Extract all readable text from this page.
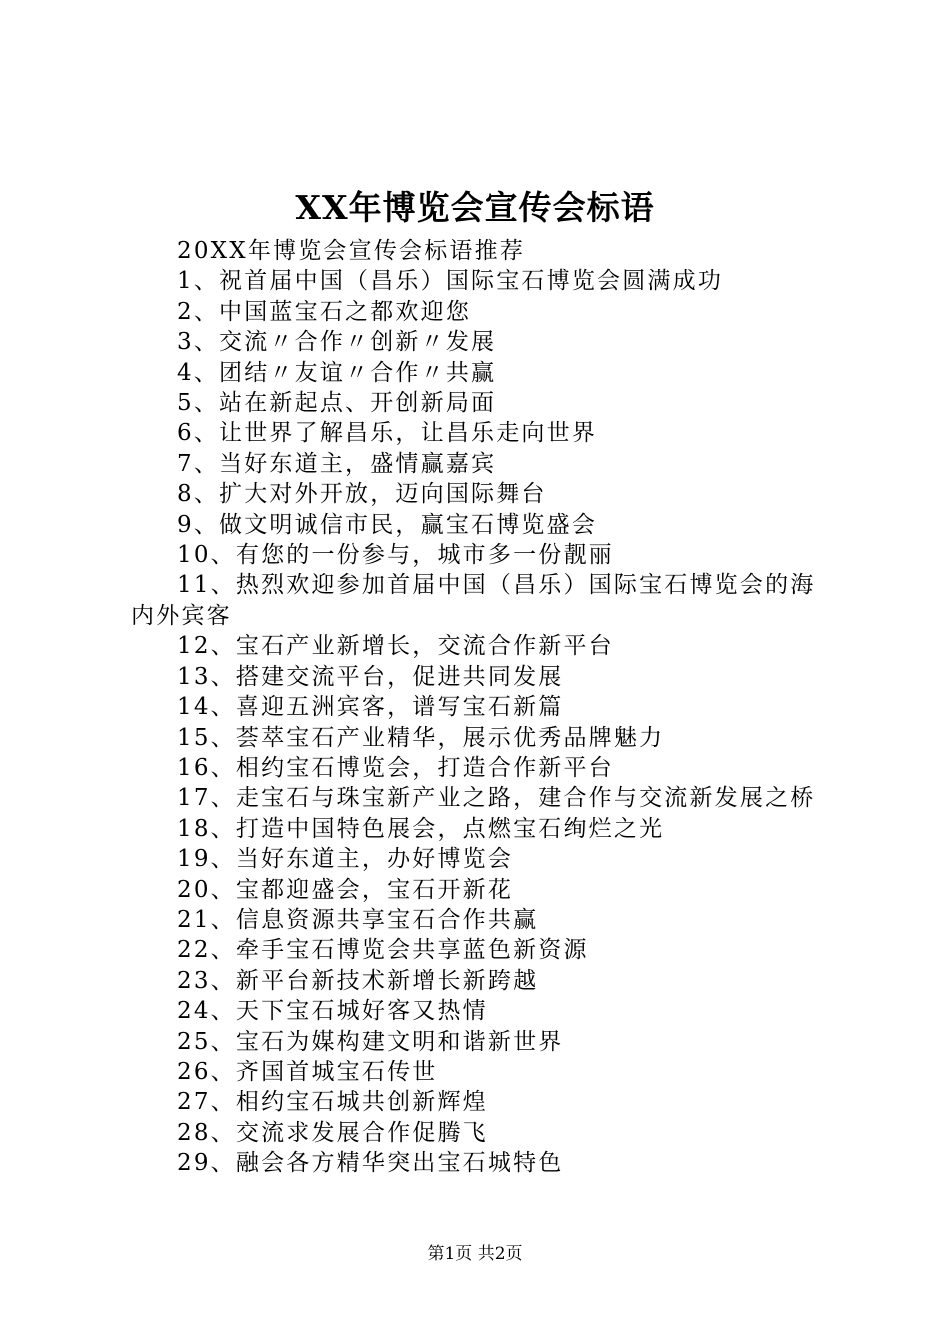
XX年博览会宣传会标语
20XX年博览会宣传会标语推荐
1、祝首届中国（昌乐）国际宝石博览会圆满成功
2、中国蓝宝石之都欢迎您
3、交流〃合作〃创新〃发展
4、团结〃友谊〃合作〃共赢
5、站在新起点、开创新局面
6、让世界了解昌乐，让昌乐走向世界
7、当好东道主，盛情赢嘉宾
8、扩大对外开放，迈向国际舞台
9、做文明诚信市民，赢宝石博览盛会
10、有您的一份参与，城市多一份靓丽
11、热烈欢迎参加首届中国（昌乐）国际宝石博览会的海内外宾客
12、宝石产业新增长，交流合作新平台
13、搭建交流平台，促进共同发展
14、喜迎五洲宾客，谱写宝石新篇
15、荟萃宝石产业精华，展示优秀品牌魅力
16、相约宝石博览会，打造合作新平台
17、走宝石与珠宝新产业之路，建合作与交流新发展之桥
18、打造中国特色展会，点燃宝石绚烂之光
19、当好东道主，办好博览会
20、宝都迎盛会，宝石开新花
21、信息资源共享宝石合作共赢
22、牵手宝石博览会共享蓝色新资源
23、新平台新技术新增长新跨越
24、天下宝石城好客又热情
25、宝石为媒构建文明和谐新世界
26、齐国首城宝石传世
27、相约宝石城共创新辉煌
28、交流求发展合作促腾飞
29、融会各方精华突出宝石城特色
第1页 共2页
